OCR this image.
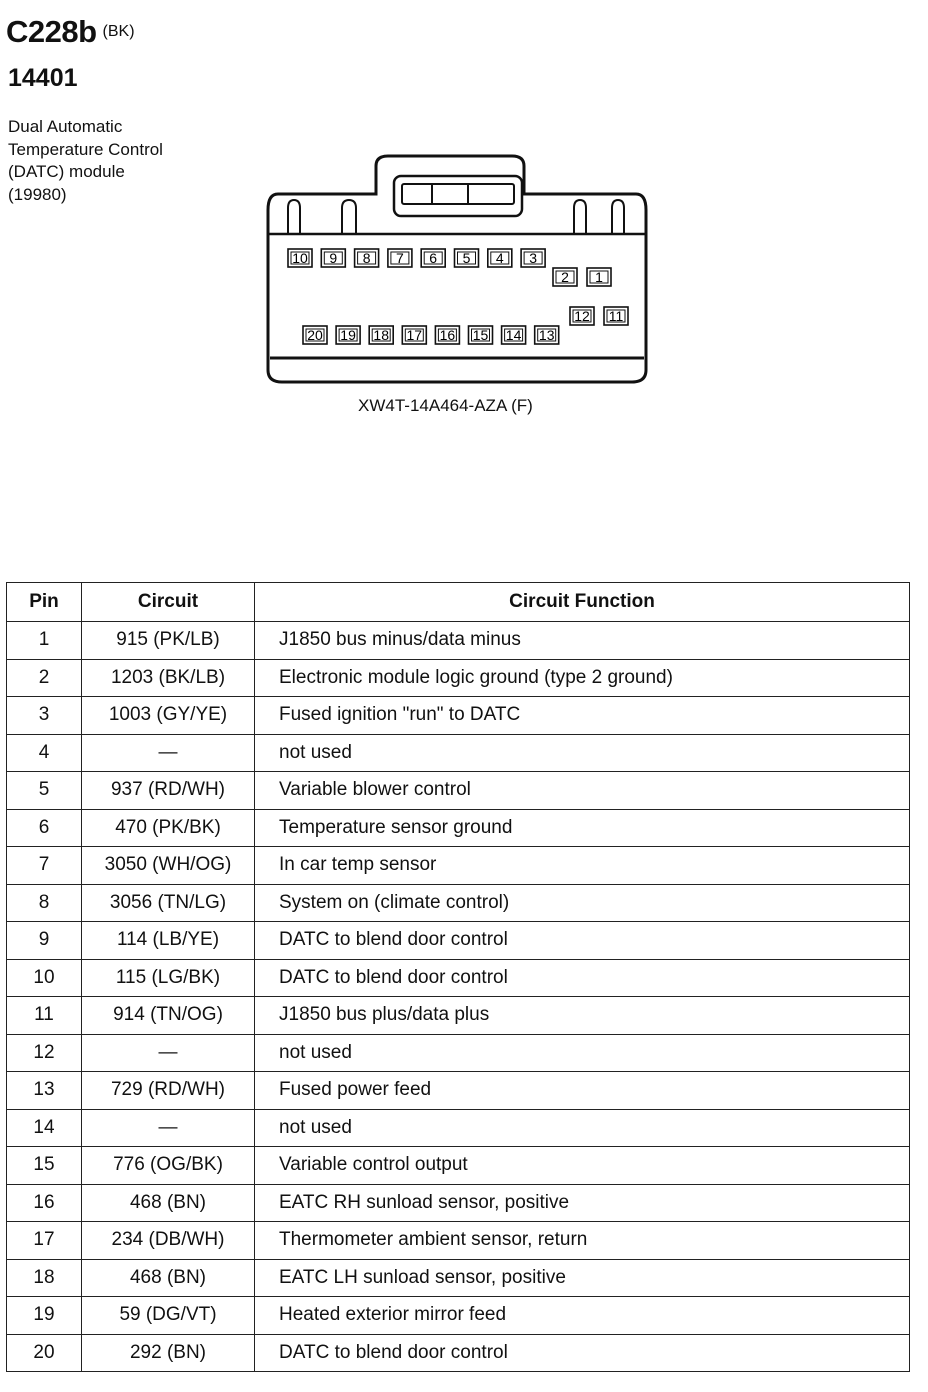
C228b (BK)
14401
Dual Automatic
Temperature Control
(DATC) module
(19980)
10 9 8 7 6 5 4 3
2 1
12 11
20 19 18 17 16 15 14 13
XW4T-14A464-AZA (F)
Pin	Circuit	Circuit Function
1	915 (PK/LB)	J1850 bus minus/data minus
2	1203 (BK/LB)	Electronic module logic ground (type 2 ground)
3	1003 (GY/YE)	Fused ignition "run" to DATC
4	—	not used
5	937 (RD/WH)	Variable blower control
6	470 (PK/BK)	Temperature sensor ground
7	3050 (WH/OG)	In car temp sensor
8	3056 (TN/LG)	System on (climate control)
9	114 (LB/YE)	DATC to blend door control
10	115 (LG/BK)	DATC to blend door control
11	914 (TN/OG)	J1850 bus plus/data plus
12	—	not used
13	729 (RD/WH)	Fused power feed
14	—	not used
15	776 (OG/BK)	Variable control output
16	468 (BN)	EATC RH sunload sensor, positive
17	234 (DB/WH)	Thermometer ambient sensor, return
18	468 (BN)	EATC LH sunload sensor, positive
19	59 (DG/VT)	Heated exterior mirror feed
20	292 (BN)	DATC to blend door control
